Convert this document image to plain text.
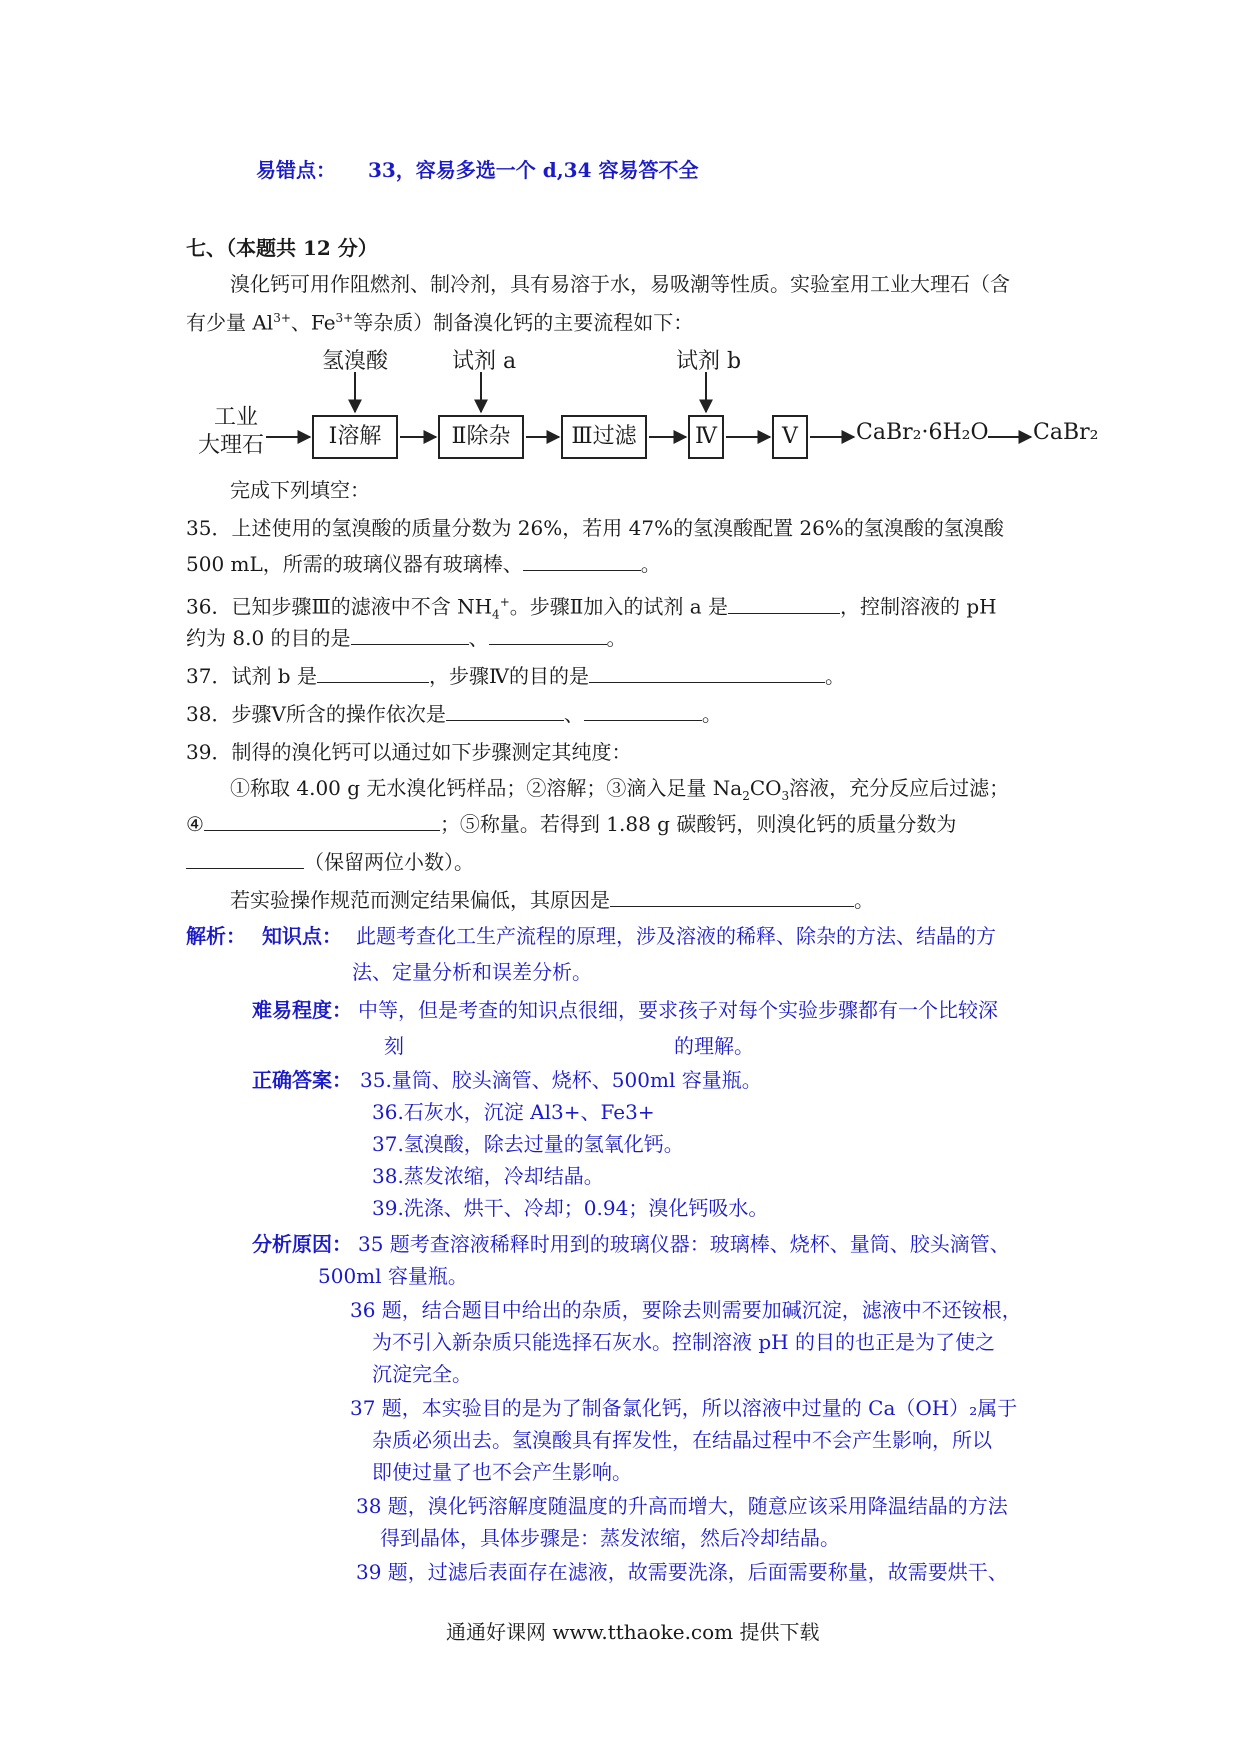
易错点： 33，容易多选一个 d,34 容易答不全
七、（本题共 12 分）
溴化钙可用作阻燃剂、制冷剂，具有易溶于水，易吸潮等性质。实验室用工业大理石（含
有少量 $Al^{3+}$、$Fe^{3+}$等杂质）制备溴化钙的主要流程如下：
氢溴酸	试剂 a	试剂 b
工业
大理石	Ⅰ溶解	Ⅱ除杂	Ⅲ过滤	Ⅳ	Ⅴ	CaBr₂·6H₂O CaBr₂
完成下列填空：
35．上述使用的氢溴酸的质量分数为 26%，若用 47%的氢溴酸配置 26%的氢溴酸的氢溴酸
500 mL，所需的玻璃仪器有玻璃棒、	。
36．已知步骤Ⅲ的滤液中不含 $NH_4^+$。步骤Ⅱ加入的试剂 a 是	，控制溶液的 pH
约为 8.0 的目的是	、	。
37．试剂 b 是	，步骤Ⅳ的目的是	。
38．步骤Ⅴ所含的操作依次是	、	。
39．制得的溴化钙可以通过如下步骤测定其纯度：
①称取 4.00 g 无水溴化钙样品；②溶解；③滴入足量 $Na_2CO_3$溶液，充分反应后过滤；
④	；⑤称量。若得到 1.88 g 碳酸钙，则溴化钙的质量分数为
（保留两位小数）。
若实验操作规范而测定结果偏低，其原因是	。
解析： 知识点： 此题考查化工生产流程的原理，涉及溶液的稀释、除杂的方法、结晶的方
法、定量分析和误差分析。
难易程度： 中等，但是考查的知识点很细，要求孩子对每个实验步骤都有一个比较深
刻	的理解。
正确答案： 35.量筒、胶头滴管、烧杯、500ml 容量瓶。
36.石灰水，沉淀 Al3+、Fe3+
37.氢溴酸，除去过量的氢氧化钙。
38.蒸发浓缩，冷却结晶。
39.洗涤、烘干、冷却；0.94；溴化钙吸水。
分析原因： 35 题考查溶液稀释时用到的玻璃仪器：玻璃棒、烧杯、量筒、胶头滴管、
500ml 容量瓶。
36 题，结合题目中给出的杂质，要除去则需要加碱沉淀，滤液中不还铵根，
为不引入新杂质只能选择石灰水。控制溶液 pH 的目的也正是为了使之
沉淀完全。
37 题，本实验目的是为了制备氯化钙，所以溶液中过量的 Ca（OH）₂属于
杂质必须出去。氢溴酸具有挥发性，在结晶过程中不会产生影响，所以
即使过量了也不会产生影响。
38 题，溴化钙溶解度随温度的升高而增大，随意应该采用降温结晶的方法
得到晶体，具体步骤是：蒸发浓缩，然后冷却结晶。
39 题，过滤后表面存在滤液，故需要洗涤，后面需要称量，故需要烘干、
通通好课网 www.tthaoke.com 提供下载
